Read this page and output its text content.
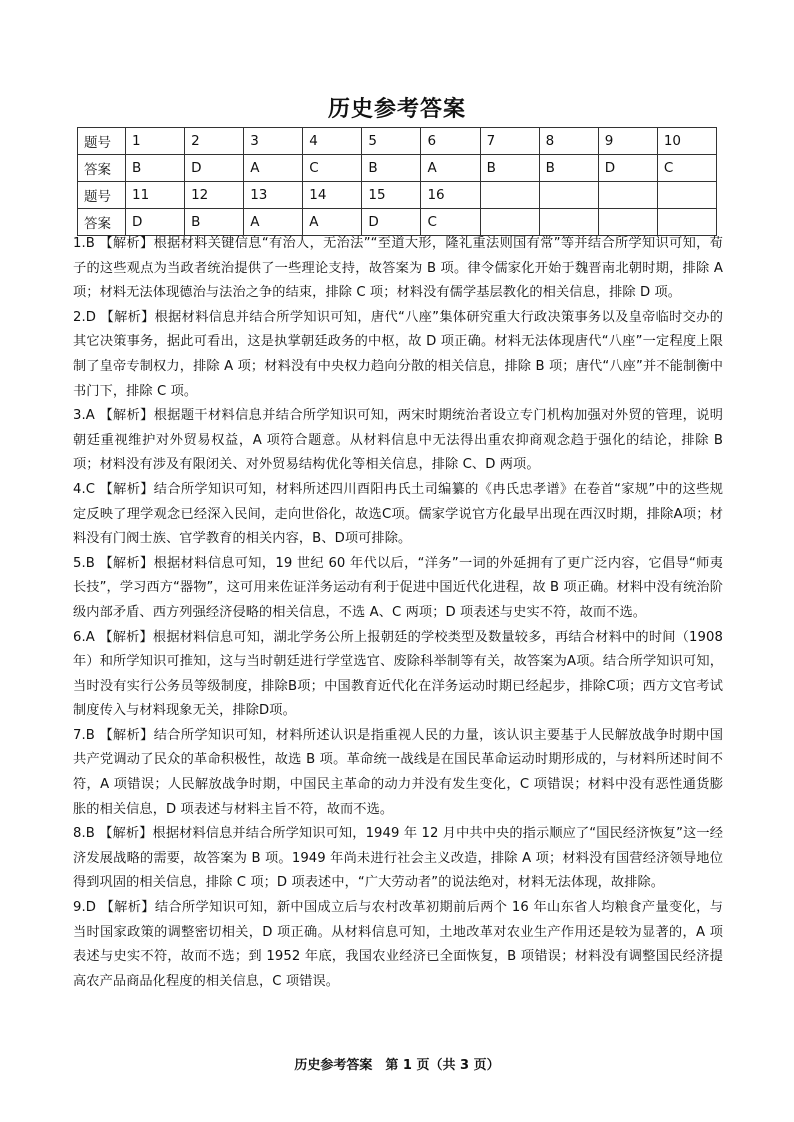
历史参考答案
题号	1	2	3	4	5	6	7	8	9	10
答案	B	D	A	C	B	A	B	B	D	C
题号	11	12	13	14	15	16				
答案	D	B	A	A	D	C				

1.B 【解析】根据材料关键信息“有治人，无治法”“至道大形，隆礼重法则国有常”等并结合所学知识可知，荀子的这些观点为当政者统治提供了一些理论支持，故答案为 B 项。律令儒家化开始于魏晋南北朝时期，排除 A 项；材料无法体现德治与法治之争的结束，排除 C 项；材料没有儒学基层教化的相关信息，排除 D 项。

2.D 【解析】根据材料信息并结合所学知识可知，唐代“八座”集体研究重大行政决策事务以及皇帝临时交办的其它决策事务，据此可看出，这是执掌朝廷政务的中枢，故 D 项正确。材料无法体现唐代“八座”一定程度上限制了皇帝专制权力，排除 A 项；材料没有中央权力趋向分散的相关信息，排除 B 项；唐代“八座”并不能制衡中书门下，排除 C 项。

3.A 【解析】根据题干材料信息并结合所学知识可知，两宋时期统治者设立专门机构加强对外贸的管理，说明朝廷重视维护对外贸易权益，A 项符合题意。从材料信息中无法得出重农抑商观念趋于强化的结论，排除 B 项；材料没有涉及有限闭关、对外贸易结构优化等相关信息，排除 C、D 两项。

4.C 【解析】结合所学知识可知，材料所述四川酉阳冉氏土司编纂的《冉氏忠孝谱》在卷首“家规”中的这些规定反映了理学观念已经深入民间，走向世俗化，故选C项。儒家学说官方化最早出现在西汉时期，排除A项；材料没有门阀士族、官学教育的相关内容，B、D项可排除。

5.B 【解析】根据材料信息可知，19 世纪 60 年代以后，“洋务”一词的外延拥有了更广泛内容，它倡导“师夷长技”，学习西方“器物”，这可用来佐证洋务运动有利于促进中国近代化进程，故 B 项正确。材料中没有统治阶级内部矛盾、西方列强经济侵略的相关信息，不选 A、C 两项；D 项表述与史实不符，故而不选。

6.A 【解析】根据材料信息可知，湖北学务公所上报朝廷的学校类型及数量较多，再结合材料中的时间（1908 年）和所学知识可推知，这与当时朝廷进行学堂选官、废除科举制等有关，故答案为A项。结合所学知识可知，当时没有实行公务员等级制度，排除B项；中国教育近代化在洋务运动时期已经起步，排除C项；西方文官考试制度传入与材料现象无关，排除D项。

7.B 【解析】结合所学知识可知，材料所述认识是指重视人民的力量，该认识主要基于人民解放战争时期中国共产党调动了民众的革命积极性，故选 B 项。革命统一战线是在国民革命运动时期形成的，与材料所述时间不符，A 项错误；人民解放战争时期，中国民主革命的动力并没有发生变化，C 项错误；材料中没有恶性通货膨胀的相关信息，D 项表述与材料主旨不符，故而不选。

8.B 【解析】根据材料信息并结合所学知识可知，1949 年 12 月中共中央的指示顺应了“国民经济恢复”这一经济发展战略的需要，故答案为 B 项。1949 年尚未进行社会主义改造，排除 A 项；材料没有国营经济领导地位得到巩固的相关信息，排除 C 项；D 项表述中，“广大劳动者”的说法绝对，材料无法体现，故排除。

9.D 【解析】结合所学知识可知，新中国成立后与农村改革初期前后两个 16 年山东省人均粮食产量变化，与当时国家政策的调整密切相关，D 项正确。从材料信息可知，土地改革对农业生产作用还是较为显著的，A 项表述与史实不符，故而不选；到 1952 年底，我国农业经济已全面恢复，B 项错误；材料没有调整国民经济提高农产品商品化程度的相关信息，C 项错误。

历史参考答案　第 1 页（共 3 页）
